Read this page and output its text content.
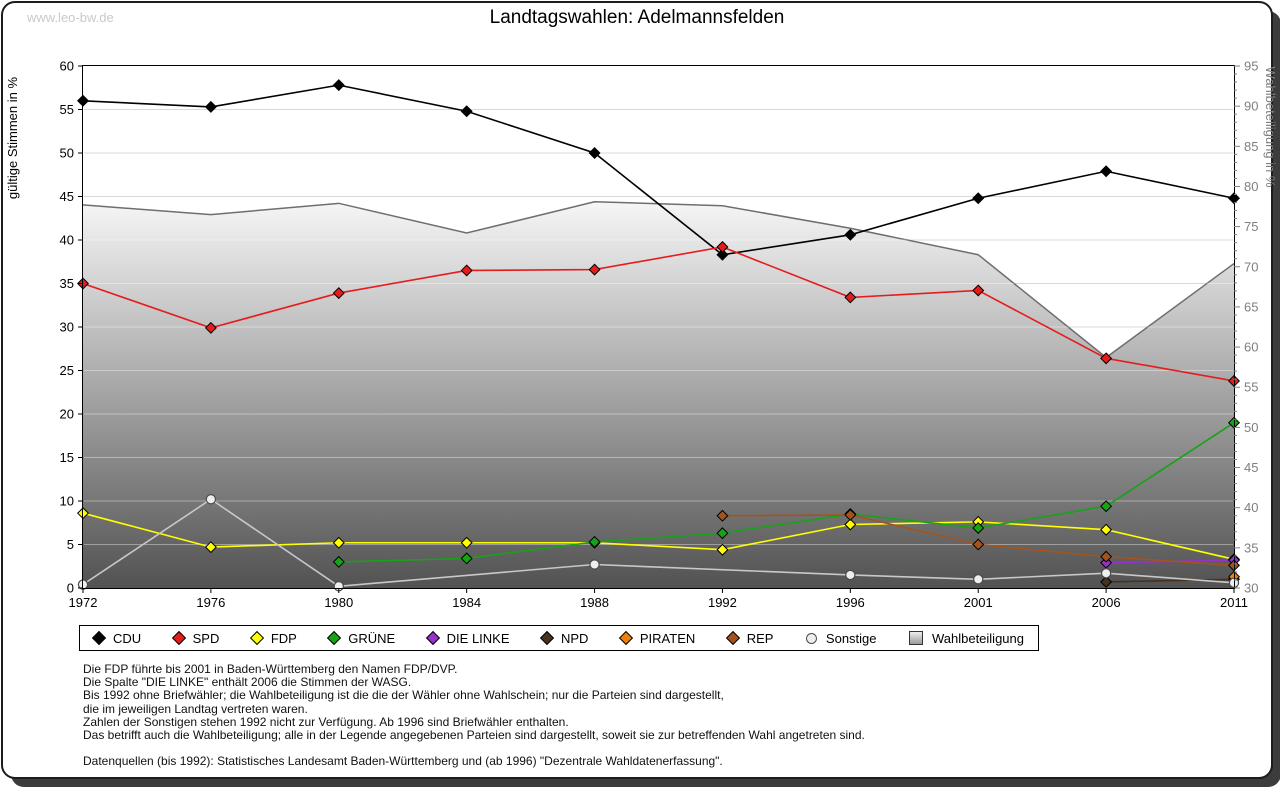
www.leo-bw.de	Landtagswahlen: Adelmannsfelden
0
5
10
15
20
25
30
35
40
45
50
55
60
gültige Stimmen in %
30
35
40
45
50
55
60
65
70
75
80
85
90
95
Wahlbeteiligung in %
1972	1976	1980	1984	1988	1992	1996	2001	2006	2011
CDU	SPD	FDP	GRÜNE	DIE LINKE	NPD	PIRATEN	REP	Sonstige	Wahlbeteiligung
Die FDP führte bis 2001 in Baden-Württemberg den Namen FDP/DVP.
Die Spalte "DIE LINKE" enthält 2006 die Stimmen der WASG.
Bis 1992 ohne Briefwähler; die Wahlbeteiligung ist die die der Wähler ohne Wahlschein; nur die Parteien sind dargestellt,
die im jeweiligen Landtag vertreten waren.
Zahlen der Sonstigen stehen 1992 nicht zur Verfügung. Ab 1996 sind Briefwähler enthalten.
Das betrifft auch die Wahlbeteiligung; alle in der Legende angegebenen Parteien sind dargestellt, soweit sie zur betreffenden Wahl angetreten sind.
Datenquellen (bis 1992): Statistisches Landesamt Baden-Württemberg und (ab 1996) "Dezentrale Wahldatenerfassung".
